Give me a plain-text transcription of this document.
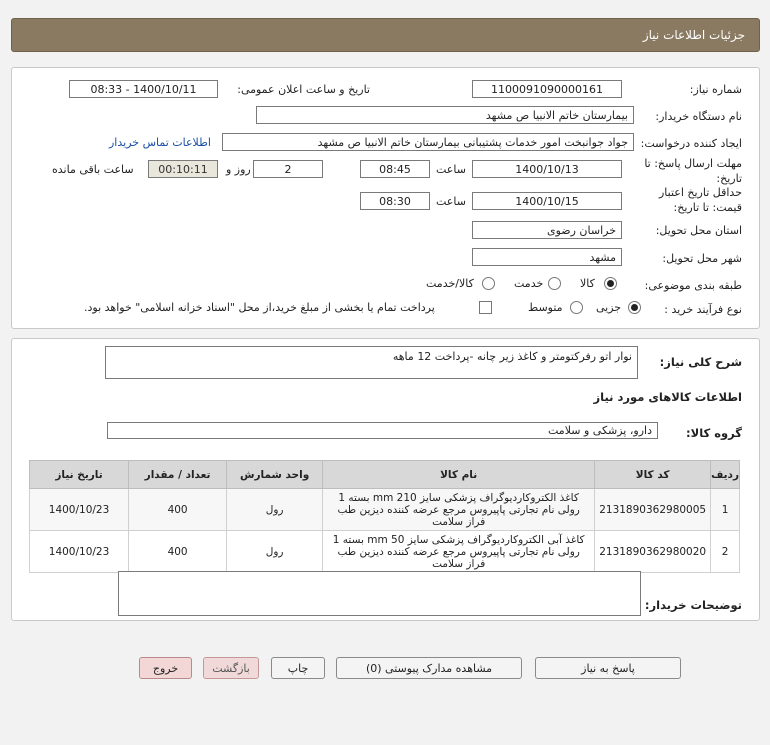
جزئیات اطلاعات نیاز
شماره نیاز:
1100091090000161
تاریخ و ساعت اعلان عمومی:
1400/10/11 - 08:33
نام دستگاه خریدار:
بیمارستان خاتم الانبیا ص مشهد
ایجاد کننده درخواست:
جواد جوانبخت امور خدمات پشتیبانی بیمارستان خاتم الانبیا ص مشهد
اطلاعات تماس خریدار
مهلت ارسال پاسخ: تا
تاریخ:
1400/10/13
ساعت
08:45
2
روز و
00:10:11
ساعت باقی مانده
حداقل تاریخ اعتبار
قیمت: تا تاریخ:
1400/10/15
ساعت
08:30
استان محل تحویل:
خراسان رضوی
شهر محل تحویل:
مشهد
طبقه بندی موضوعی:
کالا
خدمت
کالا/خدمت
نوع فرآیند خرید :
جزیی
متوسط
پرداخت تمام یا بخشی از مبلغ خرید،از محل "اسناد خزانه اسلامی" خواهد بود.
شرح کلی نیاز:
نوار اتو رفرکتومتر و کاغذ زیر چانه -پرداخت 12 ماهه
اطلاعات کالاهای مورد نیاز
گروه کالا:
دارو، پزشکی و سلامت
ردیف	کد کالا	نام کالا	واحد شمارش	تعداد / مقدار	تاریخ نیاز
1	2131890362980005	کاغذ الکتروکاردیوگراف پزشکی سایز 210 mm بسته 1 رولی نام تجارتی پاپیروس مرجع عرضه کننده دیزین طب فراز سلامت	رول	400	1400/10/23
2	2131890362980020	کاغذ آبی الکتروکاردیوگراف پزشکی سایز 50 mm بسته 1 رولی نام تجارتی پاپیروس مرجع عرضه کننده دیزین طب فراز سلامت	رول	400	1400/10/23
توضیحات خریدار:
پاسخ به نیاز
مشاهده مدارک پیوستی (0)
چاپ
بازگشت
خروج
